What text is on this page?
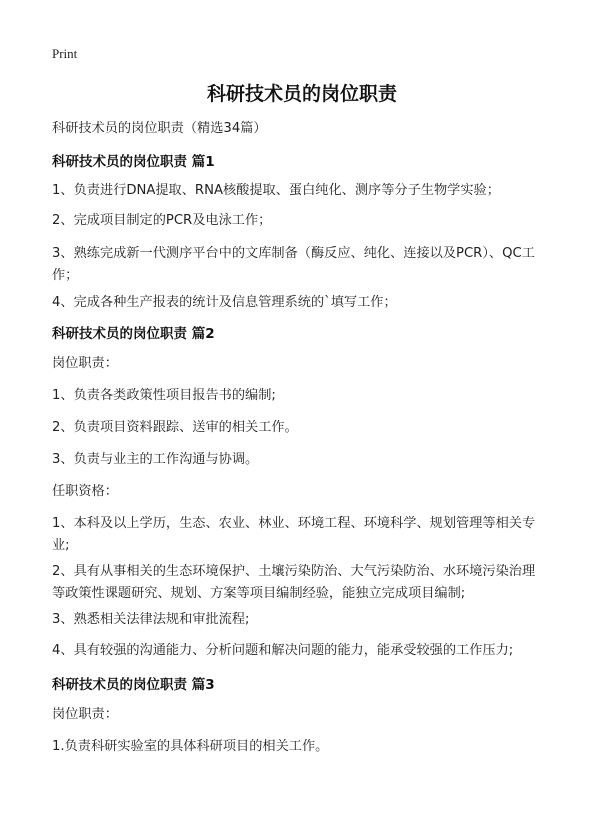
Print
科研技术员的岗位职责

科研技术员的岗位职责（精选34篇）

科研技术员的岗位职责 篇1

1、负责进行DNA提取、RNA核酸提取、蛋白纯化、测序等分子生物学实验；

2、完成项目制定的PCR及电泳工作；

3、熟练完成新一代测序平台中的文库制备（酶反应、纯化、连接以及PCR）、QC工作；

4、完成各种生产报表的统计及信息管理系统的`填写工作；

科研技术员的岗位职责 篇2

岗位职责：

1、负责各类政策性项目报告书的编制;

2、负责项目资料跟踪、送审的相关工作。

3、负责与业主的工作沟通与协调。

任职资格：

1、本科及以上学历，生态、农业、林业、环境工程、环境科学、规划管理等相关专业;

2、具有从事相关的生态环境保护、土壤污染防治、大气污染防治、水环境污染治理等政策性课题研究、规划、方案等项目编制经验，能独立完成项目编制;

3、熟悉相关法律法规和审批流程;

4、具有较强的沟通能力、分析问题和解决问题的能力，能承受较强的工作压力;

科研技术员的岗位职责 篇3

岗位职责：

1.负责科研实验室的具体科研项目的相关工作。
